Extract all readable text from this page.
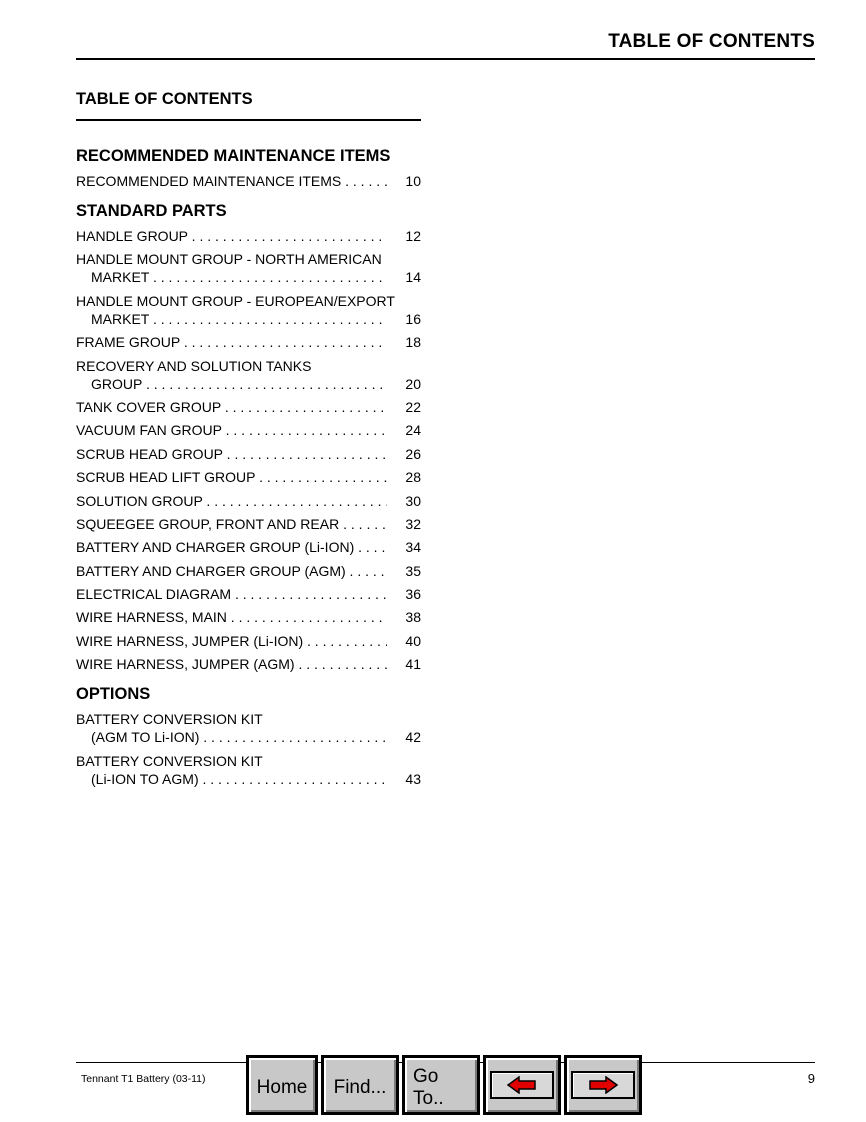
TABLE OF CONTENTS
TABLE OF CONTENTS
RECOMMENDED MAINTENANCE ITEMS
RECOMMENDED MAINTENANCE ITEMS . . .	10
STANDARD PARTS
HANDLE GROUP . . .	12
HANDLE MOUNT GROUP - NORTH AMERICAN
MARKET . . .	14
HANDLE MOUNT GROUP - EUROPEAN/EXPORT
MARKET . . .	16
FRAME GROUP . . .	18
RECOVERY AND SOLUTION TANKS
GROUP . . .	20
TANK COVER GROUP . . .	22
VACUUM FAN GROUP . . .	24
SCRUB HEAD GROUP . . .	26
SCRUB HEAD LIFT GROUP . . .	28
SOLUTION GROUP . . .	30
SQUEEGEE GROUP, FRONT AND REAR . . .	32
BATTERY AND CHARGER GROUP (Li-ION) . . .	34
BATTERY AND CHARGER GROUP (AGM) . . .	35
ELECTRICAL DIAGRAM . . .	36
WIRE HARNESS, MAIN . . .	38
WIRE HARNESS, JUMPER (Li-ION) . . .	40
WIRE HARNESS, JUMPER (AGM) . . .	41
OPTIONS
BATTERY CONVERSION KIT
(AGM TO Li-ION) . . .	42
BATTERY CONVERSION KIT
(Li-ION TO AGM) . . .	43
Tennant T1 Battery (03-11)	9
Home	Find...
Go To..
